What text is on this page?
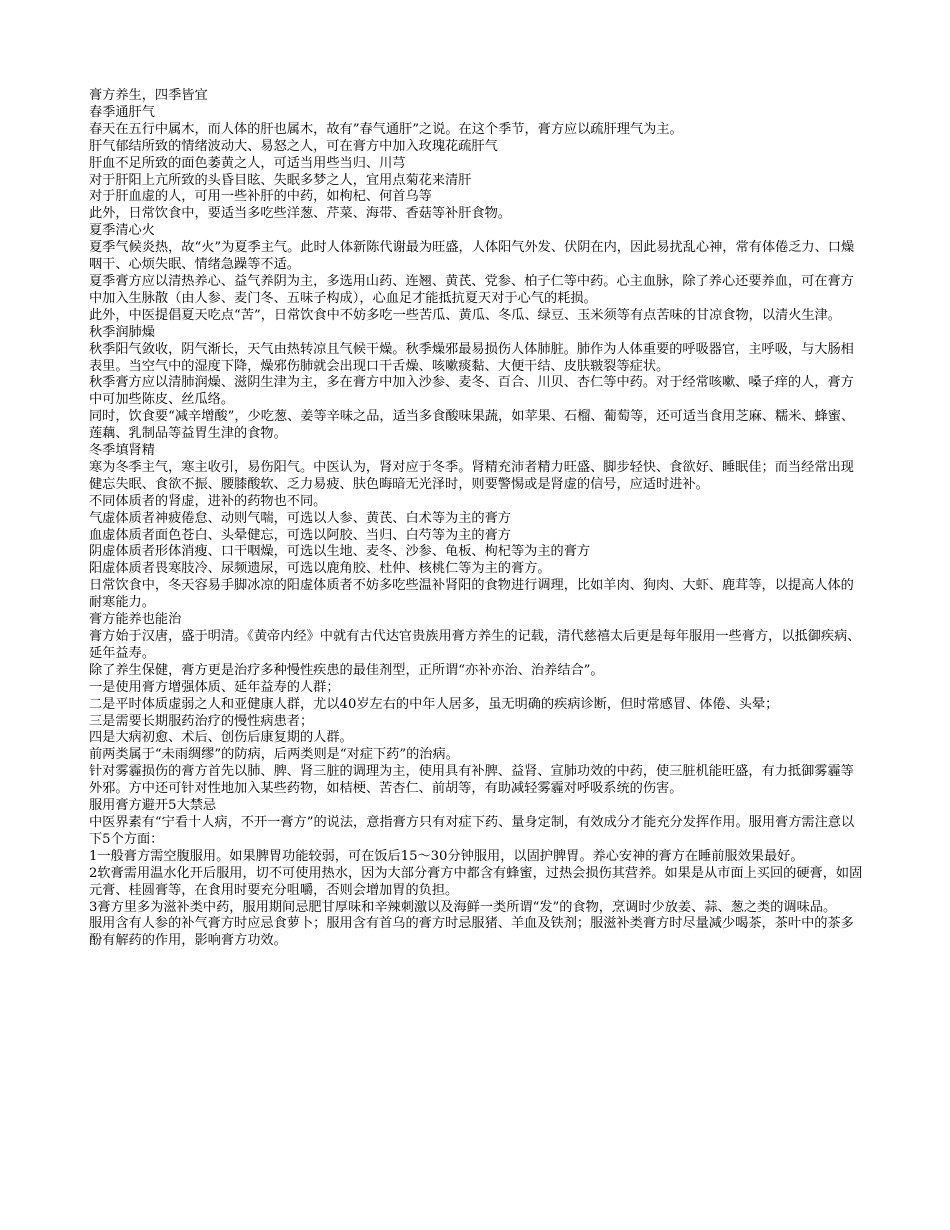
膏方养生，四季皆宜

春季通肝气

春天在五行中属木，而人体的肝也属木，故有”春气通肝”之说。在这个季节，膏方应以疏肝理气为主。

肝气郁结所致的情绪波动大、易怒之人，可在膏方中加入玫瑰花疏肝气

肝血不足所致的面色萎黄之人，可适当用些当归、川芎

对于肝阳上亢所致的头昏目眩、失眠多梦之人，宜用点菊花来清肝

对于肝血虚的人，可用一些补肝的中药，如枸杞、何首乌等

此外，日常饮食中，要适当多吃些洋葱、芹菜、海带、香菇等补肝食物。

夏季清心火

夏季气候炎热，故“火”为夏季主气。此时人体新陈代谢最为旺盛，人体阳气外发、伏阴在内，因此易扰乱心神，常有体倦乏力、口燥咽干、心烦失眠、情绪急躁等不适。

夏季膏方应以清热养心、益气养阴为主，多选用山药、连翘、黄芪、党参、柏子仁等中药。心主血脉，除了养心还要养血，可在膏方中加入生脉散（由人参、麦门冬、五味子构成），心血足才能抵抗夏天对于心气的耗损。

此外，中医提倡夏天吃点“苦”，日常饮食中不妨多吃一些苦瓜、黄瓜、冬瓜、绿豆、玉米须等有点苦味的甘凉食物，以清火生津。

秋季润肺燥

秋季阳气敛收，阴气渐长，天气由热转凉且气候干燥。秋季燥邪最易损伤人体肺脏。肺作为人体重要的呼吸器官，主呼吸，与大肠相表里。当空气中的湿度下降，燥邪伤肺就会出现口干舌燥、咳嗽痰黏、大便干结、皮肤皲裂等症状。

秋季膏方应以清肺润燥、滋阴生津为主，多在膏方中加入沙参、麦冬、百合、川贝、杏仁等中药。对于经常咳嗽、嗓子痒的人，膏方中可加些陈皮、丝瓜络。

同时，饮食要“减辛增酸”，少吃葱、姜等辛味之品，适当多食酸味果蔬，如苹果、石榴、葡萄等，还可适当食用芝麻、糯米、蜂蜜、莲藕、乳制品等益胃生津的食物。

冬季填肾精

寒为冬季主气，寒主收引，易伤阳气。中医认为，肾对应于冬季。肾精充沛者精力旺盛、脚步轻快、食欲好、睡眠佳；而当经常出现健忘失眠、食欲不振、腰膝酸软、乏力易疲、肤色晦暗无光泽时，则要警惕或是肾虚的信号，应适时进补。

不同体质者的肾虚，进补的药物也不同。

气虚体质者神疲倦怠、动则气喘，可选以人参、黄芪、白术等为主的膏方

血虚体质者面色苍白、头晕健忘，可选以阿胶、当归、白芍等为主的膏方

阴虚体质者形体消瘦、口干咽燥，可选以生地、麦冬、沙参、龟板、枸杞等为主的膏方

阳虚体质者畏寒肢冷、尿频遗尿，可选以鹿角胶、杜仲、核桃仁等为主的膏方。

日常饮食中，冬天容易手脚冰凉的阳虚体质者不妨多吃些温补肾阳的食物进行调理，比如羊肉、狗肉、大虾、鹿茸等，以提高人体的耐寒能力。

膏方能养也能治

膏方始于汉唐，盛于明清。《黄帝内经》中就有古代达官贵族用膏方养生的记载，清代慈禧太后更是每年服用一些膏方，以抵御疾病、延年益寿。

除了养生保健，膏方更是治疗多种慢性疾患的最佳剂型，正所谓“亦补亦治、治养结合”。

一是使用膏方增强体质、延年益寿的人群；

二是平时体质虚弱之人和亚健康人群，尤以40岁左右的中年人居多，虽无明确的疾病诊断，但时常感冒、体倦、头晕；

三是需要长期服药治疗的慢性病患者；

四是大病初愈、术后、创伤后康复期的人群。

前两类属于“未雨绸缪”的防病，后两类则是“对症下药”的治病。

针对雾霾损伤的膏方首先以肺、脾、肾三脏的调理为主，使用具有补脾、益肾、宣肺功效的中药，使三脏机能旺盛，有力抵御雾霾等外邪。方中还可针对性地加入某些药物，如桔梗、苦杏仁、前胡等，有助减轻雾霾对呼吸系统的伤害。

服用膏方避开5大禁忌

中医界素有“宁看十人病，不开一膏方”的说法，意指膏方只有对症下药、量身定制，有效成分才能充分发挥作用。服用膏方需注意以下5个方面：

1一般膏方需空腹服用。如果脾胃功能较弱，可在饭后15～30分钟服用，以固护脾胃。养心安神的膏方在睡前服效果最好。

2软膏需用温水化开后服用，切不可使用热水，因为大部分膏方中都含有蜂蜜，过热会损伤其营养。如果是从市面上买回的硬膏，如固元膏、桂圆膏等，在食用时要充分咀嚼，否则会增加胃的负担。

3膏方里多为滋补类中药，服用期间忌肥甘厚味和辛辣刺激以及海鲜一类所谓“发”的食物，烹调时少放姜、蒜、葱之类的调味品。

服用含有人参的补气膏方时应忌食萝卜；服用含有首乌的膏方时忌服猪、羊血及铁剂；服滋补类膏方时尽量减少喝茶，茶叶中的茶多酚有解药的作用，影响膏方功效。
